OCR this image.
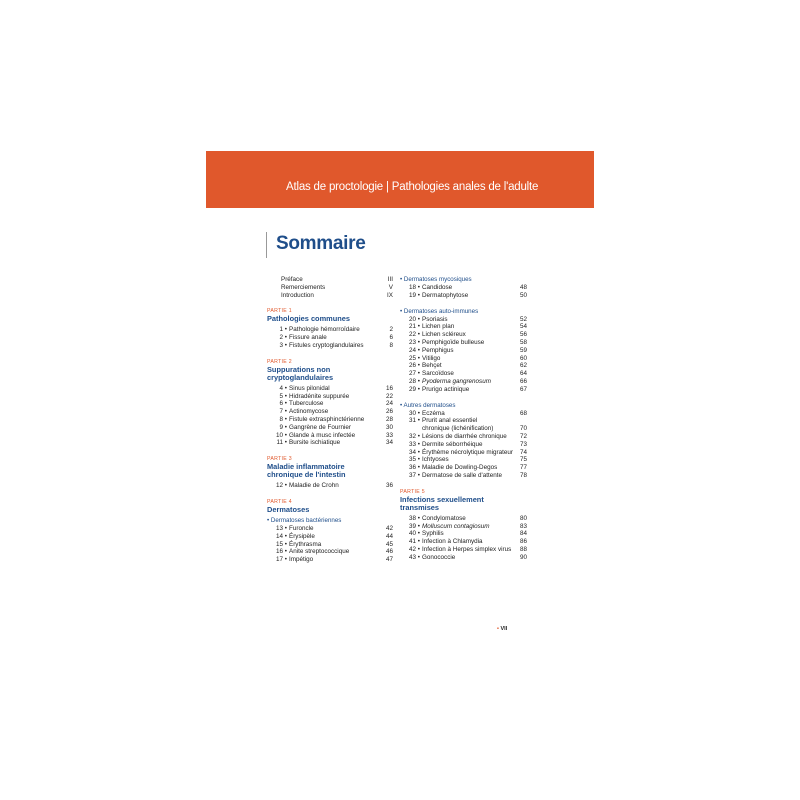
Atlas de proctologie | Pathologies anales de l'adulte
Sommaire
Préface	III
Remerciements	V
Introduction	IX
PARTIE 1
Pathologies communes
1 • Pathologie hémorroïdaire	2
2 • Fissure anale	6
3 • Fistules cryptoglandulaires	8
PARTIE 2
Suppurations non
cryptoglandulaires
4 • Sinus pilonidal	16
5 • Hidradénite suppurée	22
6 • Tuberculose	24
7 • Actinomycose	26
8 • Fistule extrasphinctérienne	28
9 • Gangrène de Fournier	30
10 • Glande à musc infectée	33
11 • Bursite ischiatique	34
PARTIE 3
Maladie inflammatoire
chronique de l'intestin
12 • Maladie de Crohn	36
PARTIE 4
Dermatoses
• Dermatoses bactériennes
13 • Furoncle	42
14 • Érysipèle	44
15 • Érythrasma	45
16 • Anite streptococcique	46
17 • Impétigo	47
• Dermatoses mycosiques
18 • Candidose	48
19 • Dermatophytose	50
• Dermatoses auto-immunes
20 • Psoriasis	52
21 • Lichen plan	54
22 • Lichen scléreux	56
23 • Pemphigoïde bulleuse	58
24 • Pemphigus	59
25 • Vitiligo	60
26 • Behçet	62
27 • Sarcoïdose	64
28 • Pyoderma gangrenosum	66
29 • Prurigo actinique	67
• Autres dermatoses
30 • Eczéma	68
31 • Prurit anal essentiel
chronique (lichénification)	70
32 • Lésions de diarrhée chronique 72
33 • Dermite séborrhéique	73
34 • Érythème nécrolytique migrateur 74
35 • Ichtyoses	75
36 • Maladie de Dowling-Degos	77
37 • Dermatose de salle d'attente	78
PARTIE 5
Infections sexuellement
transmises
38 • Condylomatose	80
39 • Molluscum contagiosum	83
40 • Syphilis	84
41 • Infection à Chlamydia	86
42 • Infection à Herpes simplex virus 88
43 • Gonococcie	90
• VII
